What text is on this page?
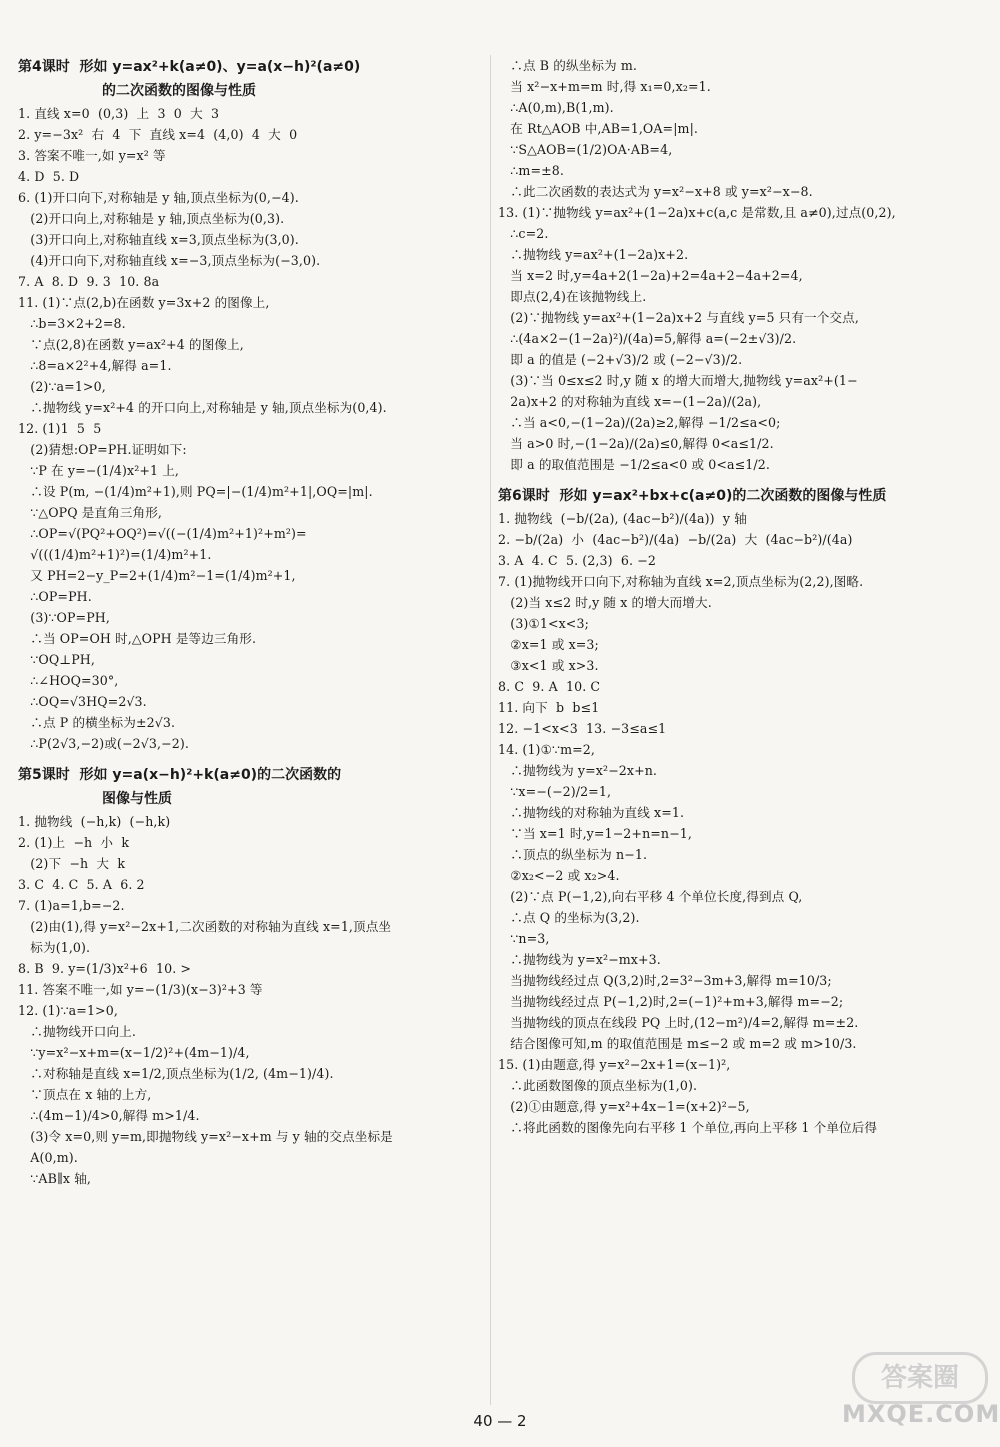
第4课时  形如 y=ax²+k(a≠0)、y=a(x−h)²(a≠0)
的二次函数的图像与性质
1. 直线 x=0  (0,3)  上  3  0  大  3
2. y=−3x²  右  4  下  直线 x=4  (4,0)  4  大  0
3. 答案不唯一,如 y=x² 等
4. D  5. D
6. (1)开口向下,对称轴是 y 轴,顶点坐标为(0,−4).
(2)开口向上,对称轴是 y 轴,顶点坐标为(0,3).
(3)开口向上,对称轴直线 x=3,顶点坐标为(3,0).
(4)开口向下,对称轴直线 x=−3,顶点坐标为(−3,0).
7. A  8. D  9. 3  10. 8a
11. (1)∵点(2,b)在函数 y=3x+2 的图像上,
∴b=3×2+2=8.
∵点(2,8)在函数 y=ax²+4 的图像上,
∴8=a×2²+4,解得 a=1.
(2)∵a=1>0,
∴抛物线 y=x²+4 的开口向上,对称轴是 y 轴,顶点坐标为(0,4).
12. (1)1  5  5
(2)猜想:OP=PH.证明如下:
∵P 在 y=−(1/4)x²+1 上,
∴设 P(m, −(1/4)m²+1),则 PQ=|−(1/4)m²+1|,OQ=|m|.
∵△OPQ 是直角三角形,
∴OP=√(PQ²+OQ²)=√((−(1/4)m²+1)²+m²)=
√(((1/4)m²+1)²)=(1/4)m²+1.
又 PH=2−y_P=2+(1/4)m²−1=(1/4)m²+1,
∴OP=PH.
(3)∵OP=PH,
∴当 OP=OH 时,△OPH 是等边三角形.
∵OQ⊥PH,
∴∠HOQ=30°,
∴OQ=√3HQ=2√3.
∴点 P 的横坐标为±2√3.
∴P(2√3,−2)或(−2√3,−2).
第5课时  形如 y=a(x−h)²+k(a≠0)的二次函数的
图像与性质
1. 抛物线  (−h,k)  (−h,k)
2. (1)上  −h  小  k
(2)下  −h  大  k
3. C  4. C  5. A  6. 2
7. (1)a=1,b=−2.
(2)由(1),得 y=x²−2x+1,二次函数的对称轴为直线 x=1,顶点坐
标为(1,0).
8. B  9. y=(1/3)x²+6  10. >
11. 答案不唯一,如 y=−(1/3)(x−3)²+3 等
12. (1)∵a=1>0,
∴抛物线开口向上.
∵y=x²−x+m=(x−1/2)²+(4m−1)/4,
∴对称轴是直线 x=1/2,顶点坐标为(1/2, (4m−1)/4).
∵顶点在 x 轴的上方,
∴(4m−1)/4>0,解得 m>1/4.
(3)令 x=0,则 y=m,即抛物线 y=x²−x+m 与 y 轴的交点坐标是
A(0,m).
∵AB∥x 轴,
∴点 B 的纵坐标为 m.
当 x²−x+m=m 时,得 x₁=0,x₂=1.
∴A(0,m),B(1,m).
在 Rt△AOB 中,AB=1,OA=|m|.
∵S△AOB=(1/2)OA·AB=4,
∴m=±8.
∴此二次函数的表达式为 y=x²−x+8 或 y=x²−x−8.
13. (1)∵抛物线 y=ax²+(1−2a)x+c(a,c 是常数,且 a≠0),过点(0,2),
∴c=2.
∴抛物线 y=ax²+(1−2a)x+2.
当 x=2 时,y=4a+2(1−2a)+2=4a+2−4a+2=4,
即点(2,4)在该抛物线上.
(2)∵抛物线 y=ax²+(1−2a)x+2 与直线 y=5 只有一个交点,
∴(4a×2−(1−2a)²)/(4a)=5,解得 a=(−2±√3)/2.
即 a 的值是 (−2+√3)/2 或 (−2−√3)/2.
(3)∵当 0≤x≤2 时,y 随 x 的增大而增大,抛物线 y=ax²+(1−
2a)x+2 的对称轴为直线 x=−(1−2a)/(2a),
∴当 a<0,−(1−2a)/(2a)≥2,解得 −1/2≤a<0;
当 a>0 时,−(1−2a)/(2a)≤0,解得 0<a≤1/2.
即 a 的取值范围是 −1/2≤a<0 或 0<a≤1/2.
第6课时  形如 y=ax²+bx+c(a≠0)的二次函数的图像与性质
1. 抛物线  (−b/(2a), (4ac−b²)/(4a))  y 轴
2. −b/(2a)  小  (4ac−b²)/(4a)  −b/(2a)  大  (4ac−b²)/(4a)
3. A  4. C  5. (2,3)  6. −2
7. (1)抛物线开口向下,对称轴为直线 x=2,顶点坐标为(2,2),图略.
(2)当 x≤2 时,y 随 x 的增大而增大.
(3)①1<x<3;
②x=1 或 x=3;
③x<1 或 x>3.
8. C  9. A  10. C
11. 向下  b  b≤1
12. −1<x<3  13. −3≤a≤1
14. (1)①∵m=2,
∴抛物线为 y=x²−2x+n.
∵x=−(−2)/2=1,
∴抛物线的对称轴为直线 x=1.
∵当 x=1 时,y=1−2+n=n−1,
∴顶点的纵坐标为 n−1.
②x₂<−2 或 x₂>4.
(2)∵点 P(−1,2),向右平移 4 个单位长度,得到点 Q,
∴点 Q 的坐标为(3,2).
∵n=3,
∴抛物线为 y=x²−mx+3.
当抛物线经过点 Q(3,2)时,2=3²−3m+3,解得 m=10/3;
当抛物线经过点 P(−1,2)时,2=(−1)²+m+3,解得 m=−2;
当抛物线的顶点在线段 PQ 上时,(12−m²)/4=2,解得 m=±2.
结合图像可知,m 的取值范围是 m≤−2 或 m=2 或 m>10/3.
15. (1)由题意,得 y=x²−2x+1=(x−1)²,
∴此函数图像的顶点坐标为(1,0).
(2)①由题意,得 y=x²+4x−1=(x+2)²−5,
∴将此函数的图像先向右平移 1 个单位,再向上平移 1 个单位后得
40 — 2
答案圈
MXQE.COM
